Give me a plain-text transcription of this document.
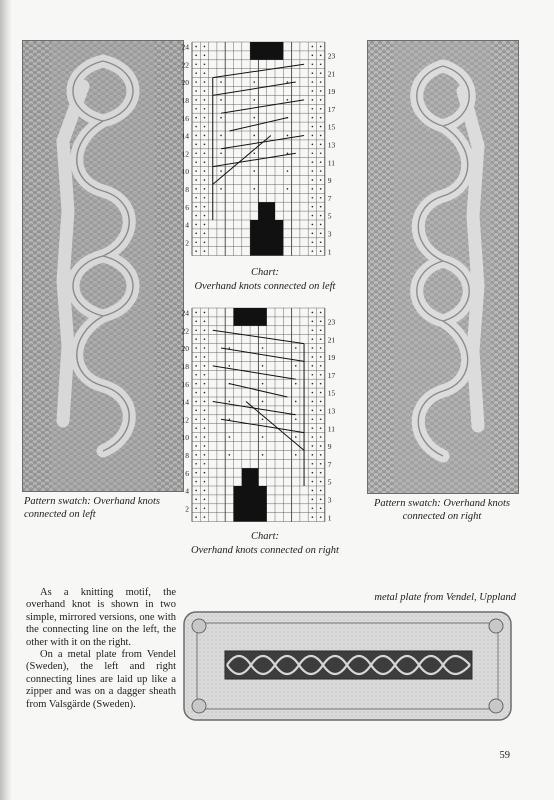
Pattern swatch: Overhand knots connected on left
Pattern swatch: Overhand knots connected on right
24
22
20
18
16
14
12
10
8
6
4
2
23
21
19
17
15
13
11
9
7
5
3
1
Chart:
Overhand knots connected on left
24
22
20
18
16
14
12
10
8
6
4
2
23
21
19
17
15
13
11
9
7
5
3
1
Chart:
Overhand knots connected on right

As a knitting motif, the overhand knot is shown in two simple, mirrored versions, one with the connecting line on the left, the other with it on the right.

On a metal plate from Vendel (Sweden), the left and right connecting lines are laid up like a zipper and was on a dagger sheath from Valsgärde (Sweden).

metal plate from Vendel, Uppland
59
